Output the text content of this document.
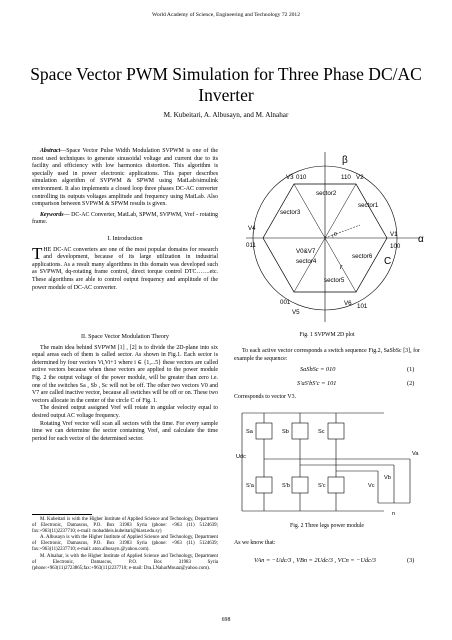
World Academy of Science, Engineering and Technology 72 2012
Space Vector PWM Simulation for Three Phase DC/AC Inverter
M. Kubeitari, A. Albusayn, and M. Alnahar

Abstract—Space Vector Pulse Width Modulation SVPWM is one of the most used techniques to generate sinusoidal voltage and current due to its facility and efficiency with low harmonics distortion. This algorithm is specially used in power electronic applications. This paper describes simulation algorithm of SVPWM & SPWM using MatLab/simulink environment. It also implements a closed loop three phases DC-AC converter controlling its outputs voltages amplitude and frequency using MatLab. Also comparison between SVPWM & SPWM results is given.

Keywords— DC-AC Converter, MatLab, SPWM, SVPWM, Vref - rotating frame.

I. Introduction

THE DC-AC converters are one of the most popular domains for research and development, because of its large utilization in industrial applications. As a result many algorithms in this domain was developed such as SVPWM, dq-rotating frame control, direct torque control DTC…….etc. These algorithms are able to control output frequency and amplitude of the power module of DC-AC converter.

II. Space Vector Modulation Theory

The main idea behind SVPWM [1] , [2] is to divide the 2D-plane into six equal areas each of them is called sector. As shown in Fig.1. Each sector is determined by four vectors Vi,Vi+1 where i ∈ {1,...5} these vectors are called active vectors because when these vectors are applied to the power module Fig. 2 the output voltage of the power module, will be greater than zero i.e. one of the switches Sa , Sb , Sc will not be off. The other two vectors V0 and V7 are called inactive vector, because all switches will be off or on. These two vectors allocate in the center of the circle C of Fig. 1.

The desired output assigned Vref will rotate in angular velocity equal to desired output AC voltage frequency.

Rotating Vref vector will scan all sectors with the time. For every sample time we can determine the sector containing Vref, and calculate the time period for each vector of the determined sector.

M. Kubeitari is with the Higher Institute of Applied Science and Technology, Department of Electronic, Damascus, P.O. Box 31983 Syria (phone: +963 (11) 5124639; fax:+963(11)2237710; e-mail: mohaddeis.kubeitari@hiast.edu.sy)

A. Albusayn is with the Higher Institute of Applied Science and Technology, Department of Electronic, Damascus, P.O. Box 31983 Syria (phone: +963 (11) 5124639; fax:+963(11)2237710; e-mail: aton.albusayn.@yahoo.com).

M. Alnahar, is with the Higher Institute of Applied Science and Technology, Department of Electronic, Damascus, P.O. Box 31983 Syria (phone:+963(11)2723865;fax:+963(11)2237710; e-mail: Dra.LNaharMouaz@yahoo.com).

β
α
V3 010	110 V2
V4
011
V1
100
001
V5
V6 101
V0&V7
sector1
sector2
sector3
sector4
sector5
sector6
θ
r
C
Fig. 1 SVPWM 2D plot

To each active vector corresponds a switch sequence Fig.2, SaSbSc [3], for example the sequence:

SaSbSc = 010	(1)
S'aS'bS'c = 101	(2)
Corresponds to vector V3.
Udc
Sa
S'a
Sb
S'b
Sc
S'c
Va
Vb
Vc
n
Fig. 2 Three legs power module
As we know that:
VAn = −Udc/3 , VBn = 2Udc/3 , VCn = −Udc/3	(3)
698
